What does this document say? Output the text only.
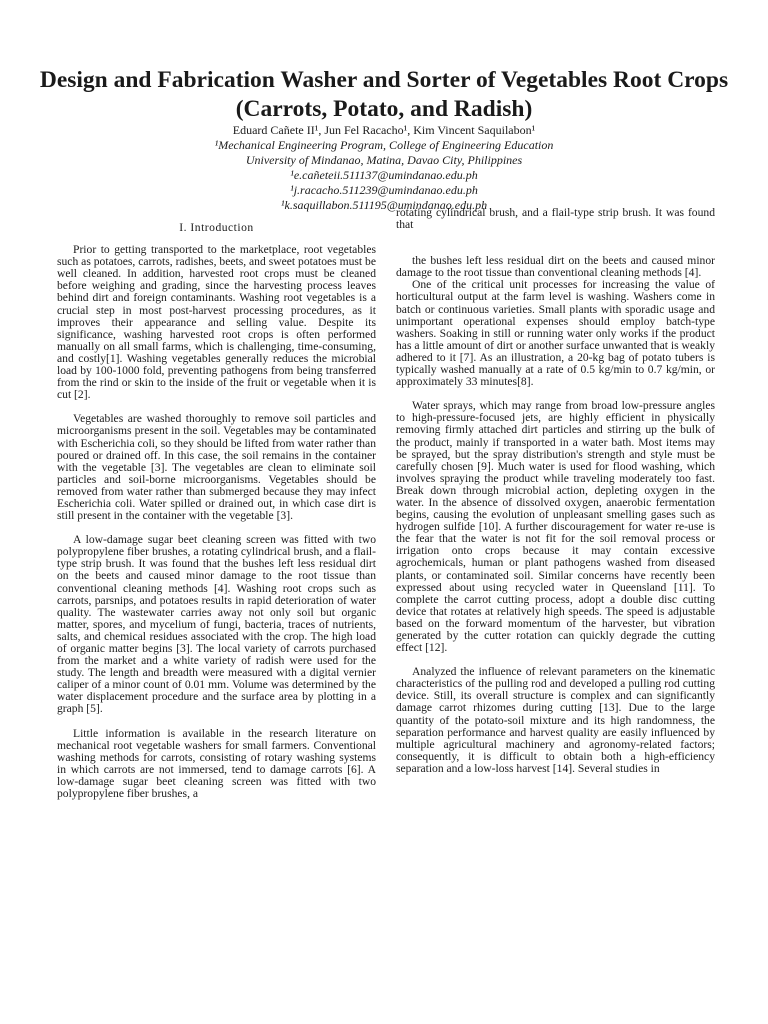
Design and Fabrication Washer and Sorter of Vegetables Root Crops (Carrots, Potato, and Radish)

Eduard Cañete II¹, Jun Fel Racacho¹, Kim Vincent Saquilabon¹

¹Mechanical Engineering Program, College of Engineering Education

University of Mindanao, Matina, Davao City, Philippines

¹e.cañeteii.511137@umindanao.edu.ph

¹j.racacho.511239@umindanao.edu.ph

¹k.saquillabon.511195@umindanao.edu.ph

I. Introduction

Prior to getting transported to the marketplace, root vegetables such as potatoes, carrots, radishes, beets, and sweet potatoes must be well cleaned. In addition, harvested root crops must be cleaned before weighing and grading, since the harvesting process leaves behind dirt and foreign contaminants. Washing root vegetables is a crucial step in most post-harvest processing procedures, as it improves their appearance and selling value. Despite its significance, washing harvested root crops is often performed manually on all small farms, which is challenging, time-consuming, and costly[1]. Washing vegetables generally reduces the microbial load by 100-1000 fold, preventing pathogens from being transferred from the rind or skin to the inside of the fruit or vegetable when it is cut [2].

Vegetables are washed thoroughly to remove soil particles and microorganisms present in the soil. Vegetables may be contaminated with Escherichia coli, so they should be lifted from water rather than poured or drained off. In this case, the soil remains in the container with the vegetable [3]. The vegetables are clean to eliminate soil particles and soil-borne microorganisms. Vegetables should be removed from water rather than submerged because they may infect Escherichia coli. Water spilled or drained out, in which case dirt is still present in the container with the vegetable [3].

A low-damage sugar beet cleaning screen was fitted with two polypropylene fiber brushes, a rotating cylindrical brush, and a flail-type strip brush. It was found that the bushes left less residual dirt on the beets and caused minor damage to the root tissue than conventional cleaning methods [4]. Washing root crops such as carrots, parsnips, and potatoes results in rapid deterioration of water quality. The wastewater carries away not only soil but organic matter, spores, and mycelium of fungi, bacteria, traces of nutrients, salts, and chemical residues associated with the crop. The high load of organic matter begins [3]. The local variety of carrots purchased from the market and a white variety of radish were used for the study. The length and breadth were measured with a digital vernier caliper of a minor count of 0.01 mm. Volume was determined by the water displacement procedure and the surface area by plotting in a graph [5].

Little information is available in the research literature on mechanical root vegetable washers for small farmers. Conventional washing methods for carrots, consisting of rotary washing systems in which carrots are not immersed, tend to damage carrots [6]. A low-damage sugar beet cleaning screen was fitted with two polypropylene fiber brushes, a

rotating cylindrical brush, and a flail-type strip brush. It was found that

the bushes left less residual dirt on the beets and caused minor damage to the root tissue than conventional cleaning methods [4].

One of the critical unit processes for increasing the value of horticultural output at the farm level is washing. Washers come in batch or continuous varieties. Small plants with sporadic usage and unimportant operational expenses should employ batch-type washers. Soaking in still or running water only works if the product has a little amount of dirt or another surface unwanted that is weakly adhered to it [7]. As an illustration, a 20-kg bag of potato tubers is typically washed manually at a rate of 0.5 kg/min to 0.7 kg/min, or approximately 33 minutes[8].

Water sprays, which may range from broad low-pressure angles to high-pressure-focused jets, are highly efficient in physically removing firmly attached dirt particles and stirring up the bulk of the product, mainly if transported in a water bath. Most items may be sprayed, but the spray distribution's strength and style must be carefully chosen [9]. Much water is used for flood washing, which involves spraying the product while traveling moderately too fast. Break down through microbial action, depleting oxygen in the water. In the absence of dissolved oxygen, anaerobic fermentation begins, causing the evolution of unpleasant smelling gases such as hydrogen sulfide [10]. A further discouragement for water re-use is the fear that the water is not fit for the soil removal process or irrigation onto crops because it may contain excessive agrochemicals, human or plant pathogens washed from diseased plants, or contaminated soil. Similar concerns have recently been expressed about using recycled water in Queensland [11]. To complete the carrot cutting process, adopt a double disc cutting device that rotates at relatively high speeds. The speed is adjustable based on the forward momentum of the harvester, but vibration generated by the cutter rotation can quickly degrade the cutting effect [12].

Analyzed the influence of relevant parameters on the kinematic characteristics of the pulling rod and developed a pulling rod cutting device. Still, its overall structure is complex and can significantly damage carrot rhizomes during cutting [13]. Due to the large quantity of the potato-soil mixture and its high randomness, the separation performance and harvest quality are easily influenced by multiple agricultural machinery and agronomy-related factors; consequently, it is difficult to obtain both a high-efficiency separation and a low-loss harvest [14]. Several studies in
